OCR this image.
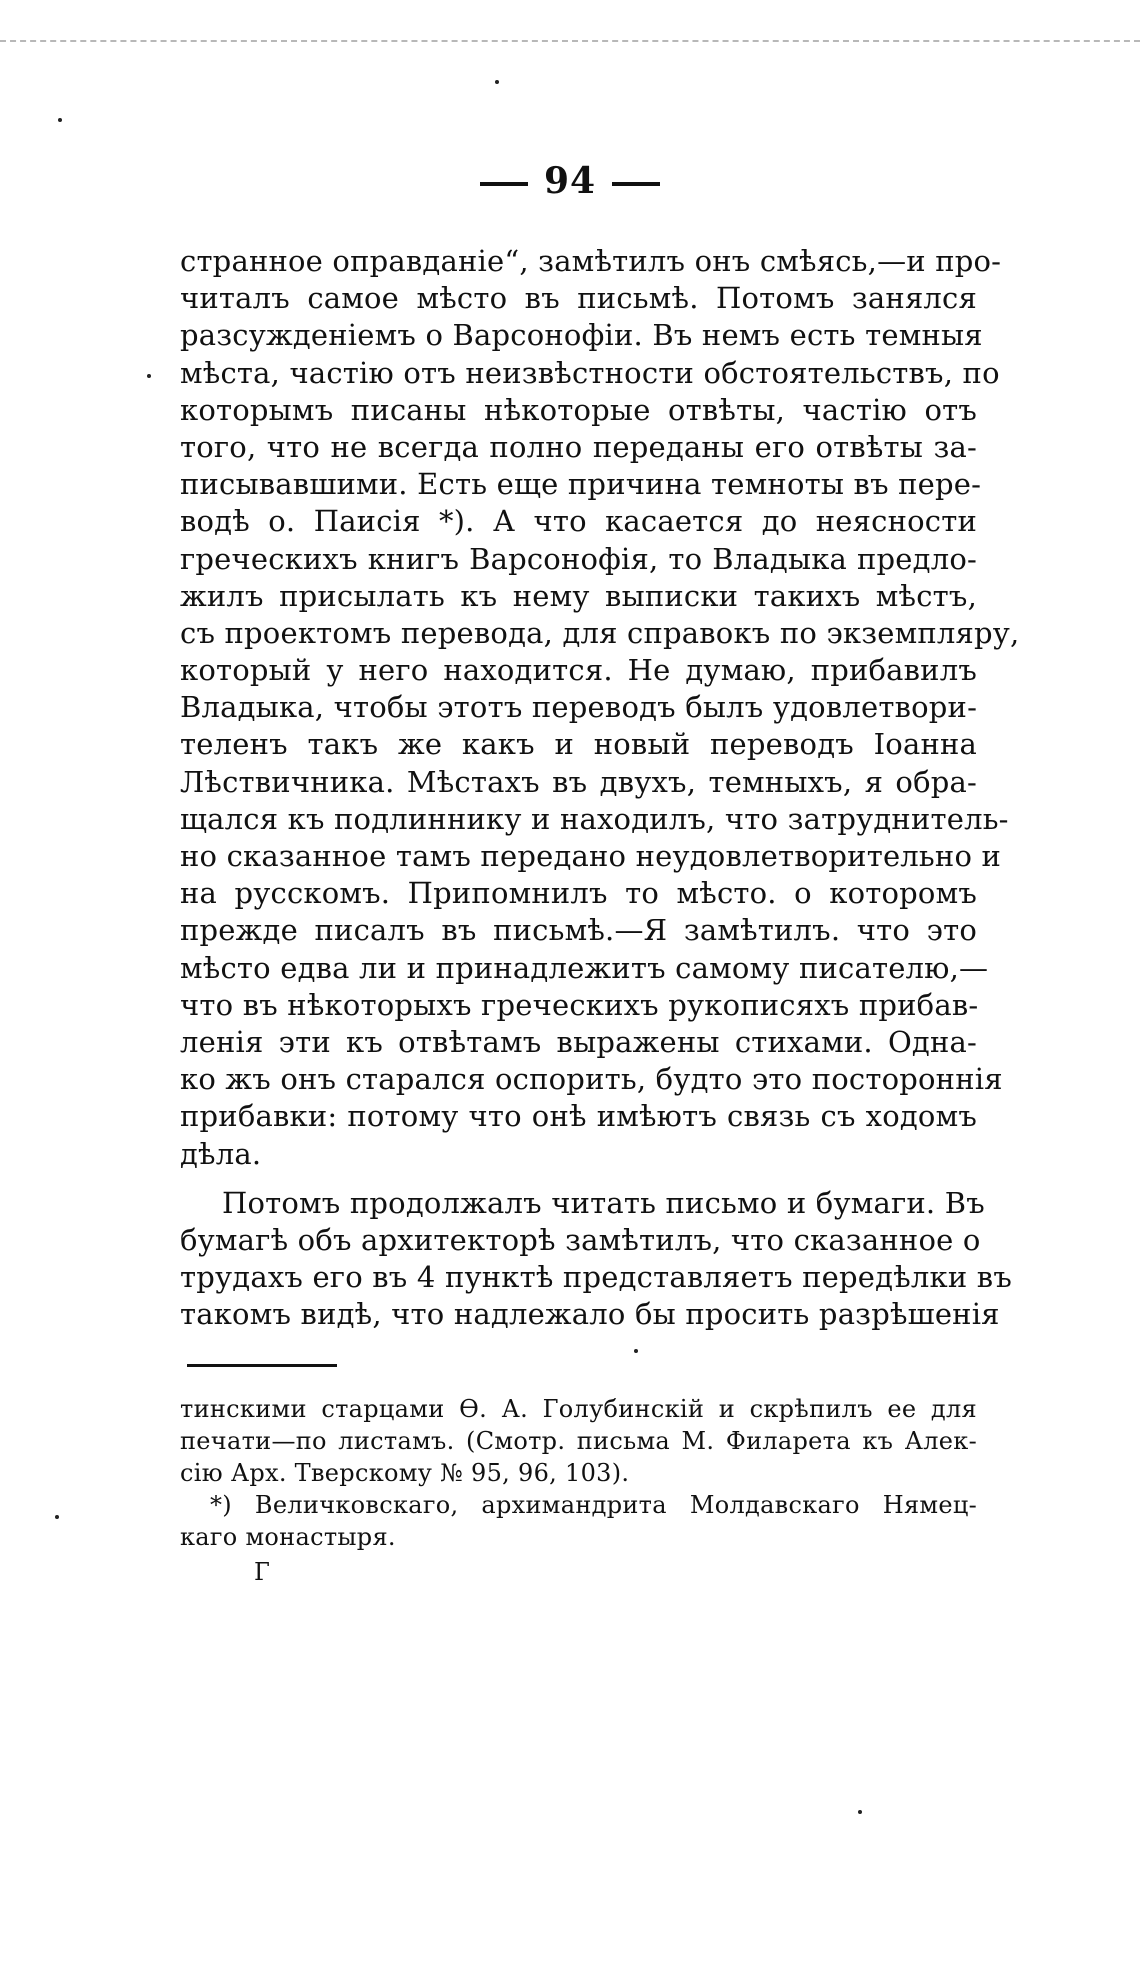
94
странное оправданіе“, замѣтилъ онъ смѣясь,—и про-
читалъ самое мѣсто въ письмѣ. Потомъ занялся
разсужденіемъ о Варсонофіи. Въ немъ есть темныя
мѣста, частію отъ неизвѣстности обстоятельствъ, по
которымъ писаны нѣкоторые отвѣты, частію отъ
того, что не всегда полно переданы его отвѣты за-
писывавшими. Есть еще причина темноты въ перe-
водѣ о. Паисія *). А что касается до неясности
греческихъ книгъ Варсонофія, то Владыка предло-
жилъ присылать къ нему выписки такихъ мѣстъ,
съ проектомъ перевода, для справокъ по экземпляру,
который у него находится. Не думаю, прибавилъ
Владыка, чтобы этотъ переводъ былъ удовлетвори-
теленъ такъ же какъ и новый переводъ Іоанна
Лѣствичника. Мѣстахъ въ двухъ, темныхъ, я обра-
щался къ подлиннику и находилъ, что затруднитель-
но сказанное тамъ передано неудовлетворительно и
на русскомъ. Припомнилъ то мѣсто. о которомъ
прежде писалъ въ письмѣ.—Я замѣтилъ. что это
мѣсто едва ли и принадлежитъ самому писателю,—
что въ нѣкоторыхъ греческихъ рукописяхъ прибав-
ленія эти къ отвѣтамъ выражены стихами. Одна-
ко жъ онъ старался оспорить, будто это постороннія
прибавки: потому что онѣ имѣютъ связь съ ходомъ
дѣла.
Потомъ продолжалъ читать письмо и бумаги. Въ
бумагѣ объ архитекторѣ замѣтилъ, что сказанное о
трудахъ его въ 4 пунктѣ представляетъ передѣлки въ
такомъ видѣ, что надлежало бы просить разрѣшенія
тинскими старцами Ѳ. А. Голубинскій и скрѣпилъ ее для
печати—по листамъ. (Смотр. письма М. Филарета къ Алек-
сію Арх. Тверскому № 95, 96, 103).
*) Величковскаго, архимандрита Молдавскаго Нямец-
каго монастыря.
Г
